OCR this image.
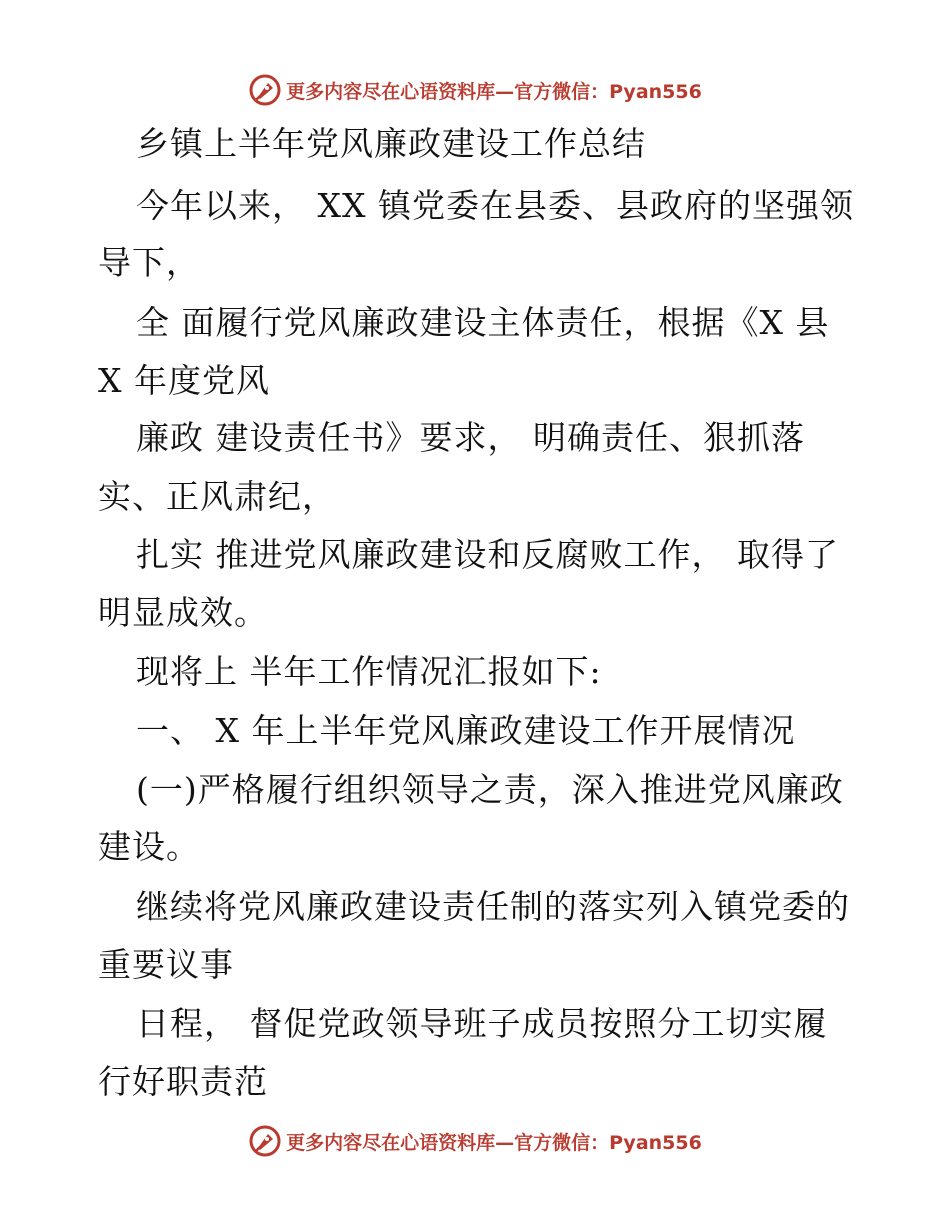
更多内容尽在心语资料库—官方微信：Pyan556
乡镇上半年党风廉政建设工作总结
今年以来， XX 镇党委在县委、县政府的坚强领
导下，
全 面履行党风廉政建设主体责任，根据《X 县
X 年度党风
廉政 建设责任书》要求， 明确责任、狠抓落
实、正风肃纪，
扎实 推进党风廉政建设和反腐败工作， 取得了
明显成效。
现将上 半年工作情况汇报如下:
一、 X 年上半年党风廉政建设工作开展情况
(一)严格履行组织领导之责，深入推进党风廉政
建设。
继续将党风廉政建设责任制的落实列入镇党委的
重要议事
日程， 督促党政领导班子成员按照分工切实履
行好职责范
更多内容尽在心语资料库—官方微信：Pyan556
